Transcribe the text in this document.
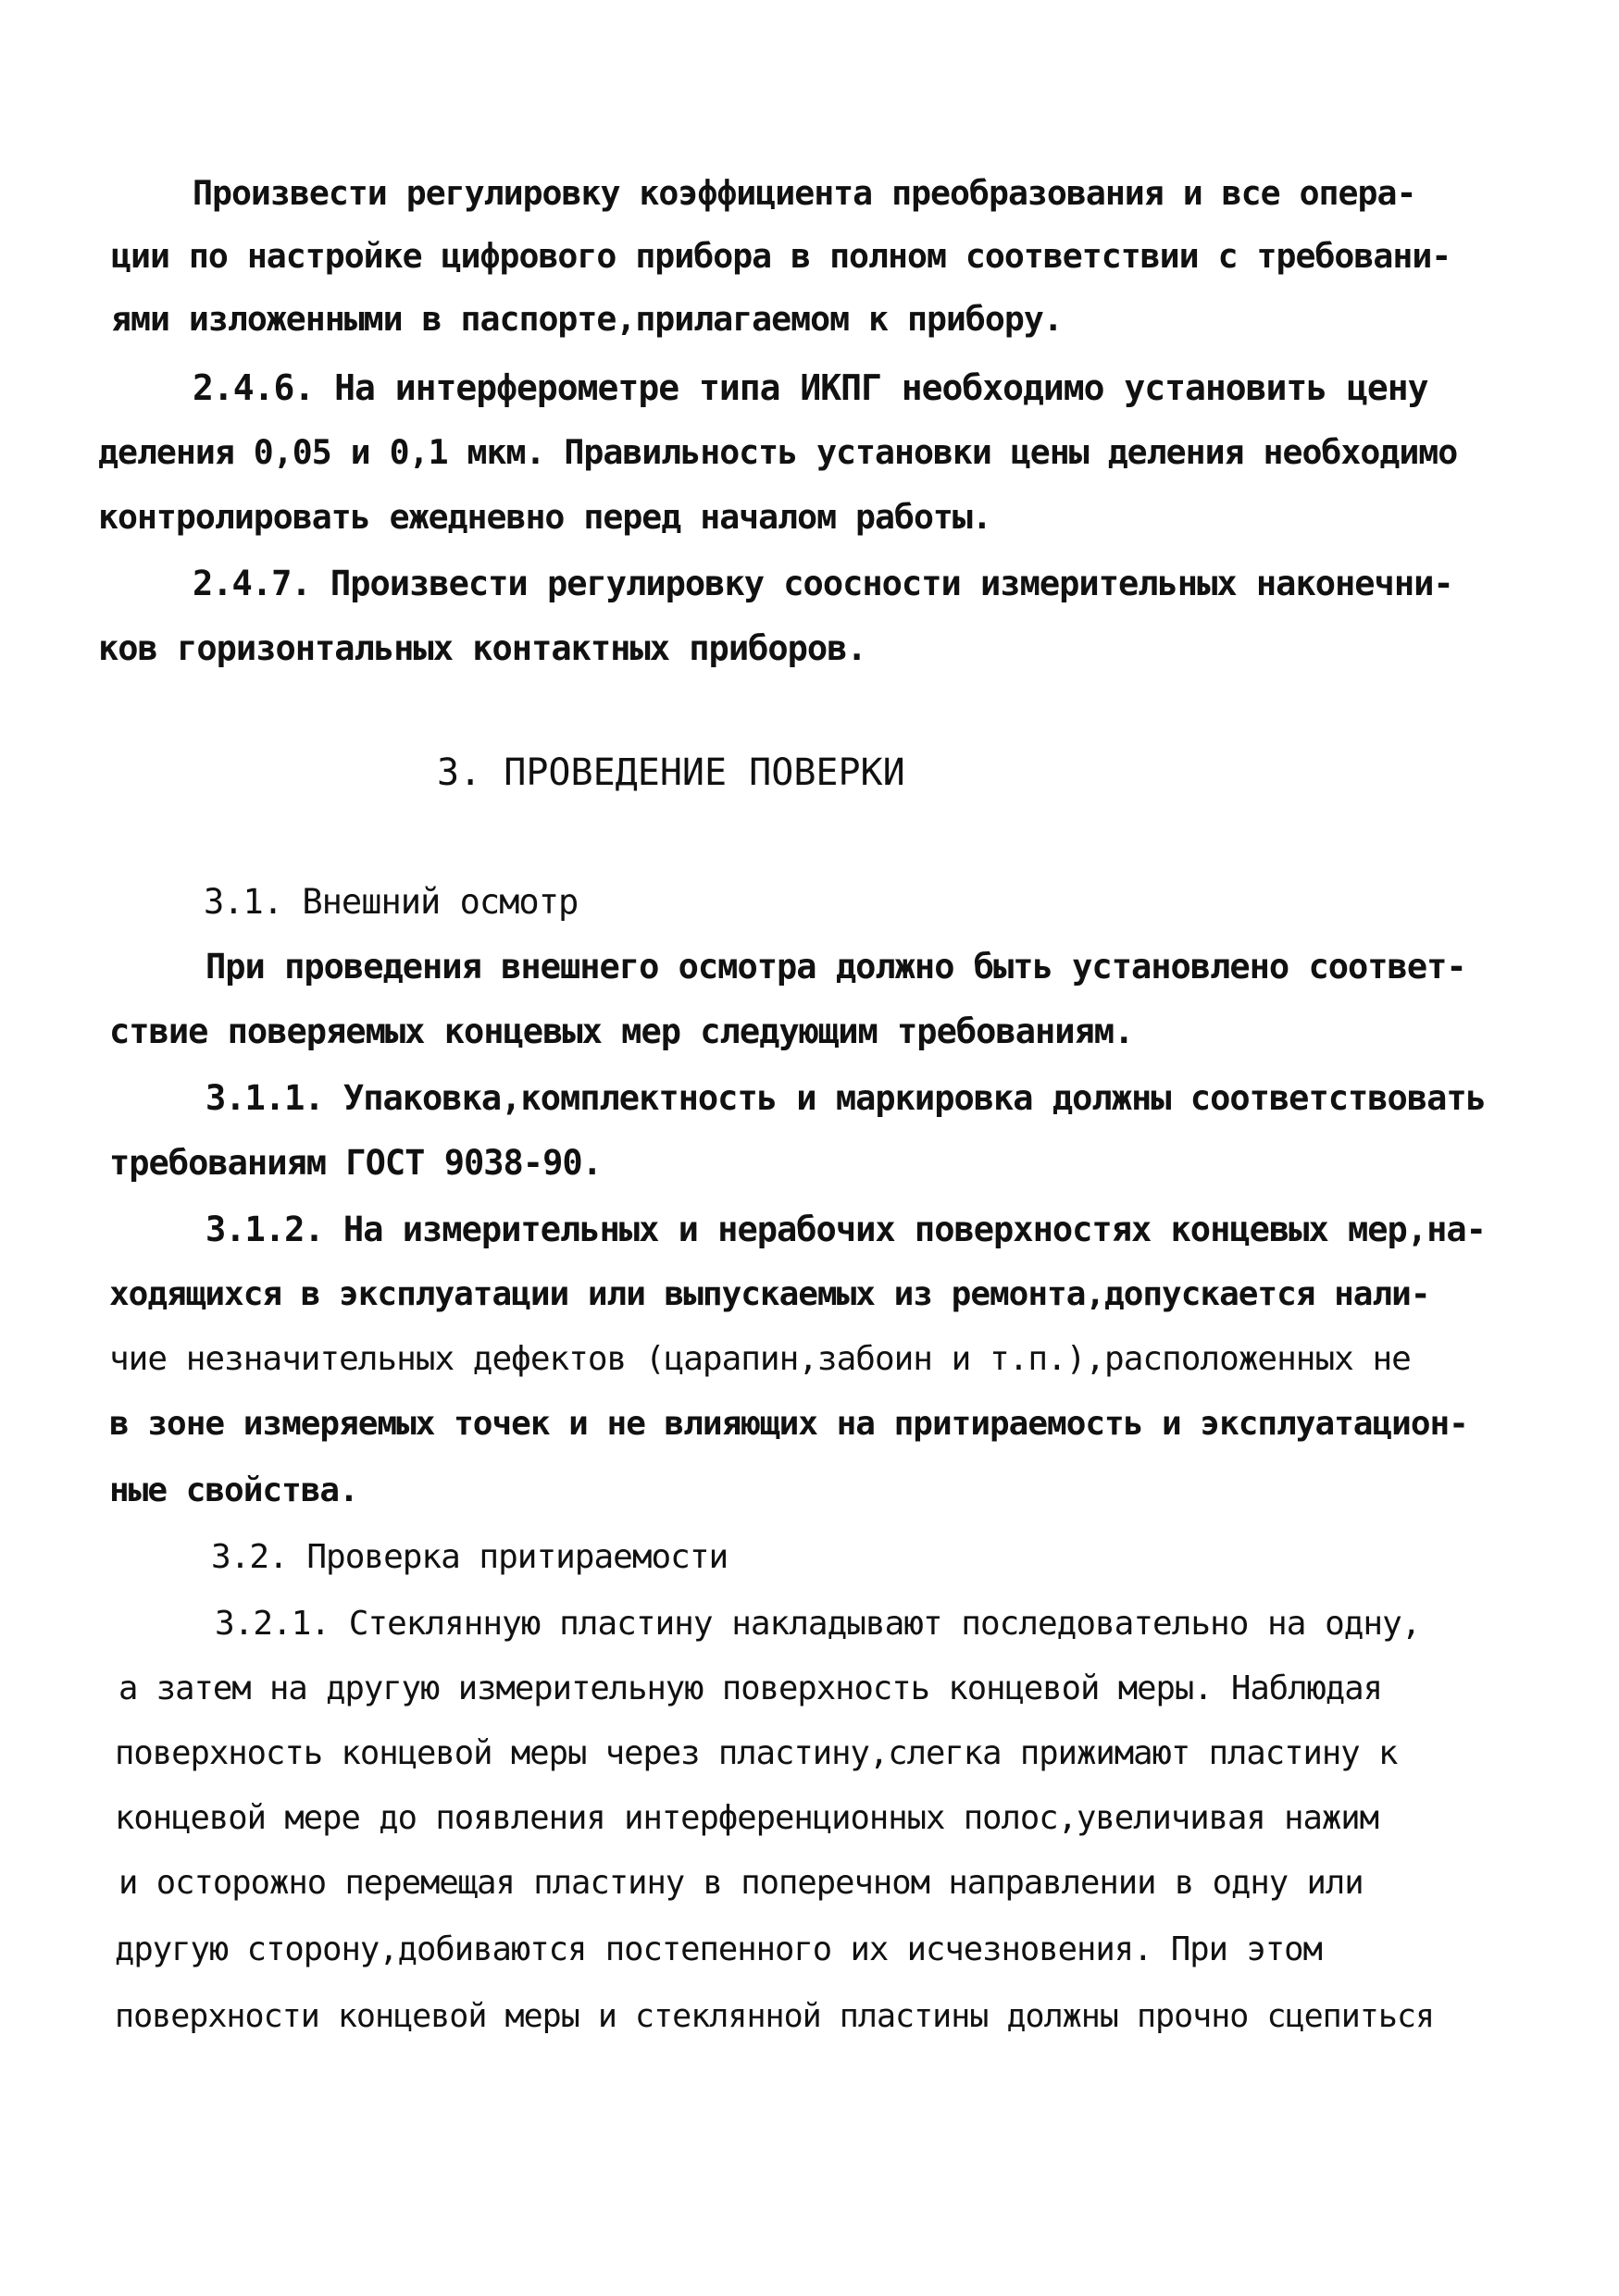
Произвести регулировку коэффициента преобразования и все опера-
ции по настройке цифрового прибора в полном соответствии с требовани-
ями изложенными в паспорте,прилагаемом к прибору.
2.4.6. На интерферометре типа ИКПГ необходимо установить цену
деления 0,05 и 0,1 мкм. Правильность установки цены деления необходимо
контролировать ежедневно перед началом работы.
2.4.7. Произвести регулировку соосности измерительных наконечни-
ков горизонтальных контактных приборов.
3. ПРОВЕДЕНИЕ ПОВЕРКИ
3.1. Внешний осмотр
При проведения внешнего осмотра должно быть установлено соответ-
ствие поверяемых концевых мер следующим требованиям.
3.1.1. Упаковка,комплектность и маркировка должны соответствовать
требованиям ГОСТ 9038-90.
3.1.2. На измерительных и нерабочих поверхностях концевых мер,на-
ходящихся в эксплуатации или выпускаемых из ремонта,допускается нали-
чие незначительных дефектов (царапин,забоин и т.п.),расположенных не
в зоне измеряемых точек и не влияющих на притираемость и эксплуатацион-
ные свойства.
3.2. Проверка притираемости
3.2.1. Стеклянную пластину накладывают последовательно на одну,
а затем на другую измерительную поверхность концевой меры. Наблюдая
поверхность концевой меры через пластину,слегка прижимают пластину к
концевой мере до появления интерференционных полос,увеличивая нажим
и осторожно перемещая пластину в поперечном направлении в одну или
другую сторону,добиваются постепенного их исчезновения. При этом
поверхности концевой меры и стеклянной пластины должны прочно сцепиться
